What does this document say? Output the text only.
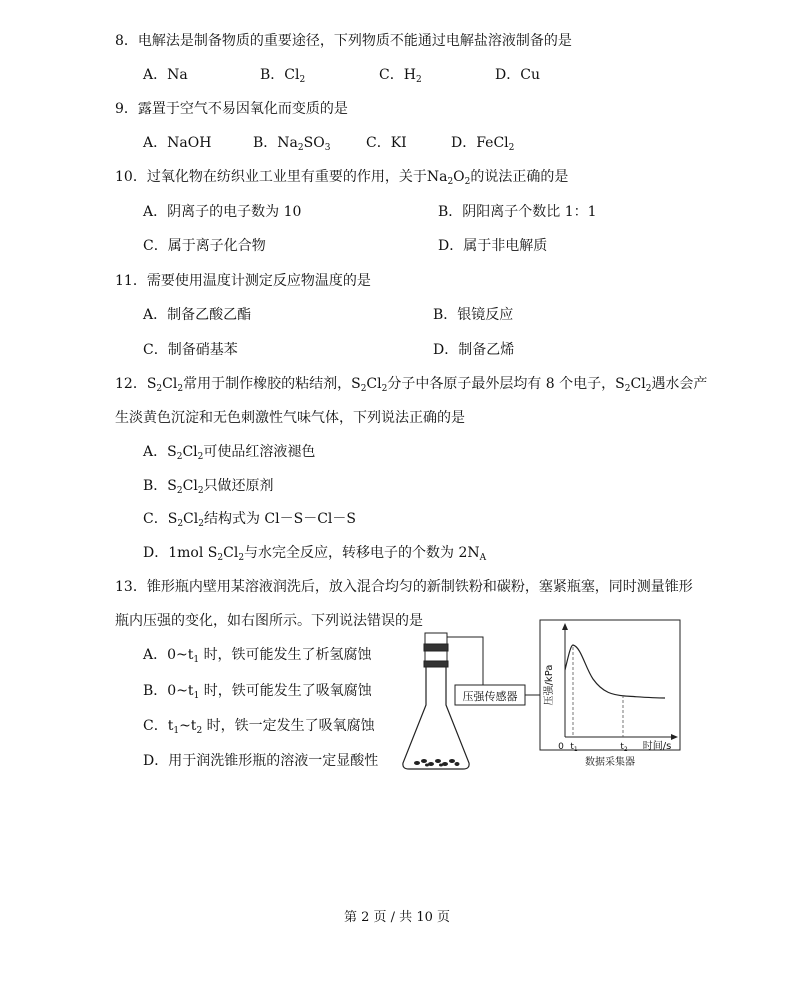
8．电解法是制备物质的重要途径，下列物质不能通过电解盐溶液制备的是
A．Na	B．$Cl_2$	C．$H_2$	D．Cu
9．露置于空气不易因氧化而变质的是
A．NaOH	B．$Na_2SO_3$	C．KI	D．FeCl$_2$
10．过氧化物在纺织业工业里有重要的作用，关于$Na_2O_2$的说法正确的是
A．阴离子的电子数为 10	B．阴阳离子个数比 1：1
C．属于离子化合物	D．属于非电解质
11．需要使用温度计测定反应物温度的是
A．制备乙酸乙酯	B．银镜反应
C．制备硝基苯	D．制备乙烯
12．$S_2Cl_2$常用于制作橡胶的粘结剂，$S_2Cl_2$分子中各原子最外层均有 8 个电子，$S_2Cl_2$遇水会产
生淡黄色沉淀和无色刺激性气味气体，下列说法正确的是
A．$S_2Cl_2$可使品红溶液褪色
B．$S_2Cl_2$只做还原剂
C．$S_2Cl_2$结构式为 Cl－S－Cl－S
D．1mol $S_2Cl_2$与水完全反应，转移电子的个数为 $2N_A$
13．锥形瓶内壁用某溶液润洗后，放入混合均匀的新制铁粉和碳粉，塞紧瓶塞，同时测量锥形
瓶内压强的变化，如右图所示。下列说法错误的是
A．$0\sim t_1$ 时，铁可能发生了析氢腐蚀
B．$0\sim t_1$ 时，铁可能发生了吸氧腐蚀
C．$t_1\sim t_2$ 时，铁一定发生了吸氧腐蚀
D．用于润洗锥形瓶的溶液一定显酸性
压强传感器	压强/kPa
0 $t_1$	$t_2$ 时间/s
数据采集器
第 2 页 / 共 10 页
